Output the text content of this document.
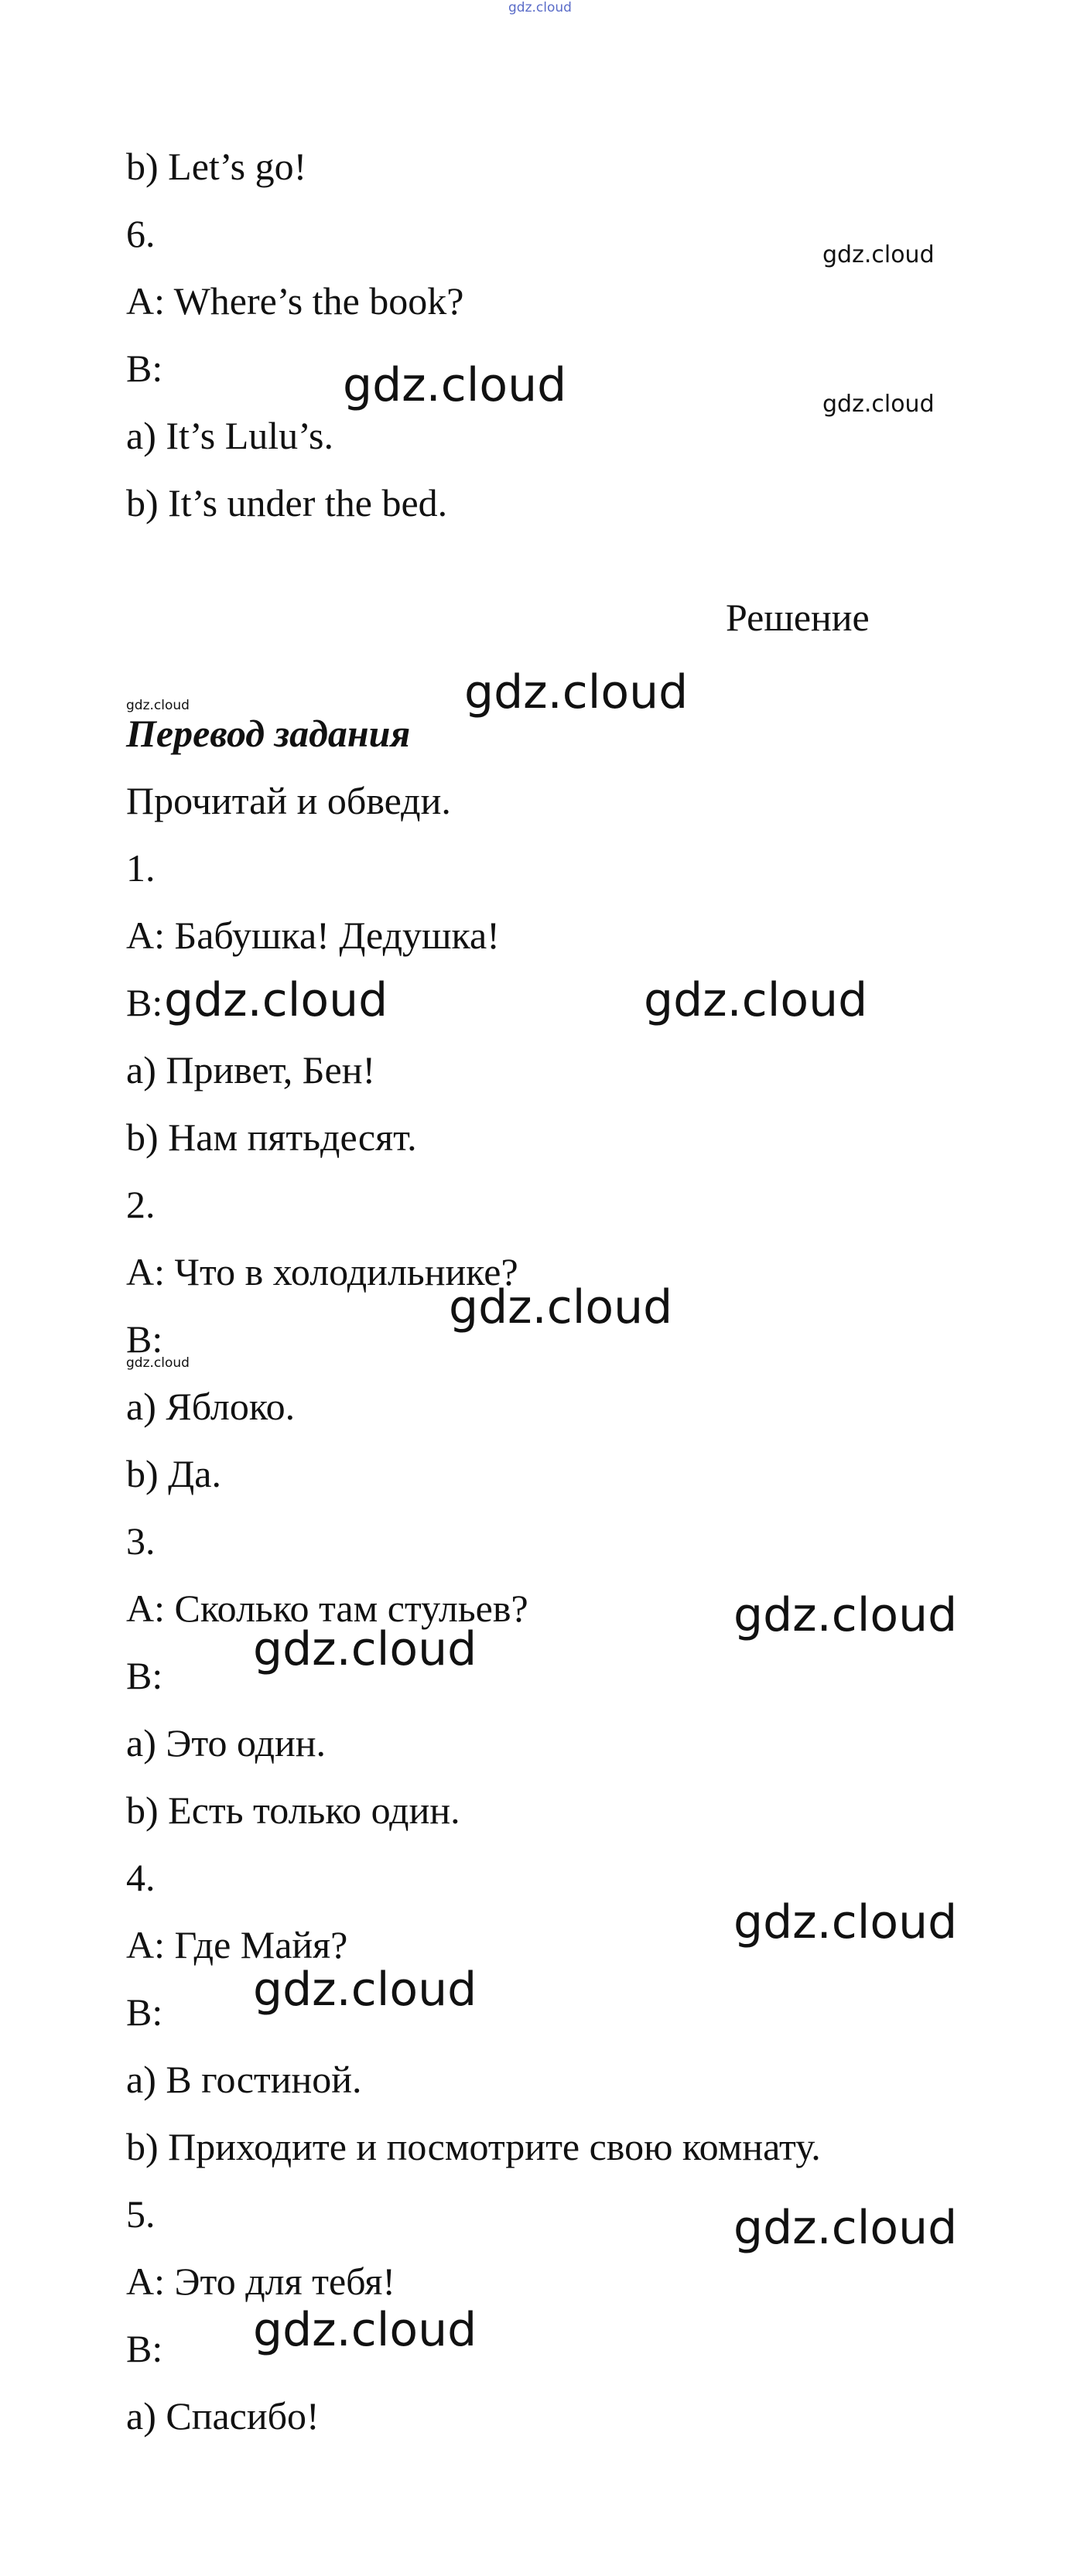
gdz.cloud
b) Let’s go!
6.
A: Where’s the book?
B:
a) It’s Lulu’s.
b) It’s under the bed.
Решение
Перевод задания
Прочитай и обведи.
1.
A: Бабушка! Дедушка!
B:
a) Привет, Бен!
b) Нам пятьдесят.
2.
A: Что в холодильнике?
B:
a) Яблоко.
b) Да.
3.
A: Сколько там стульев?
B:
a) Это один.
b) Есть только один.
4.
A: Где Майя?
B:
a) В гостиной.
b) Приходите и посмотрите свою комнату.
5.
A: Это для тебя!
B:
a) Спасибо!
gdz.cloud
gdz.cloud
gdz.cloud
gdz.cloud	gdz.cloud
gdz.cloud	gdz.cloud
gdz.cloud
gdz.cloud
gdz.cloud
gdz.cloud
gdz.cloud
gdz.cloud
gdz.cloud
gdz.cloud
